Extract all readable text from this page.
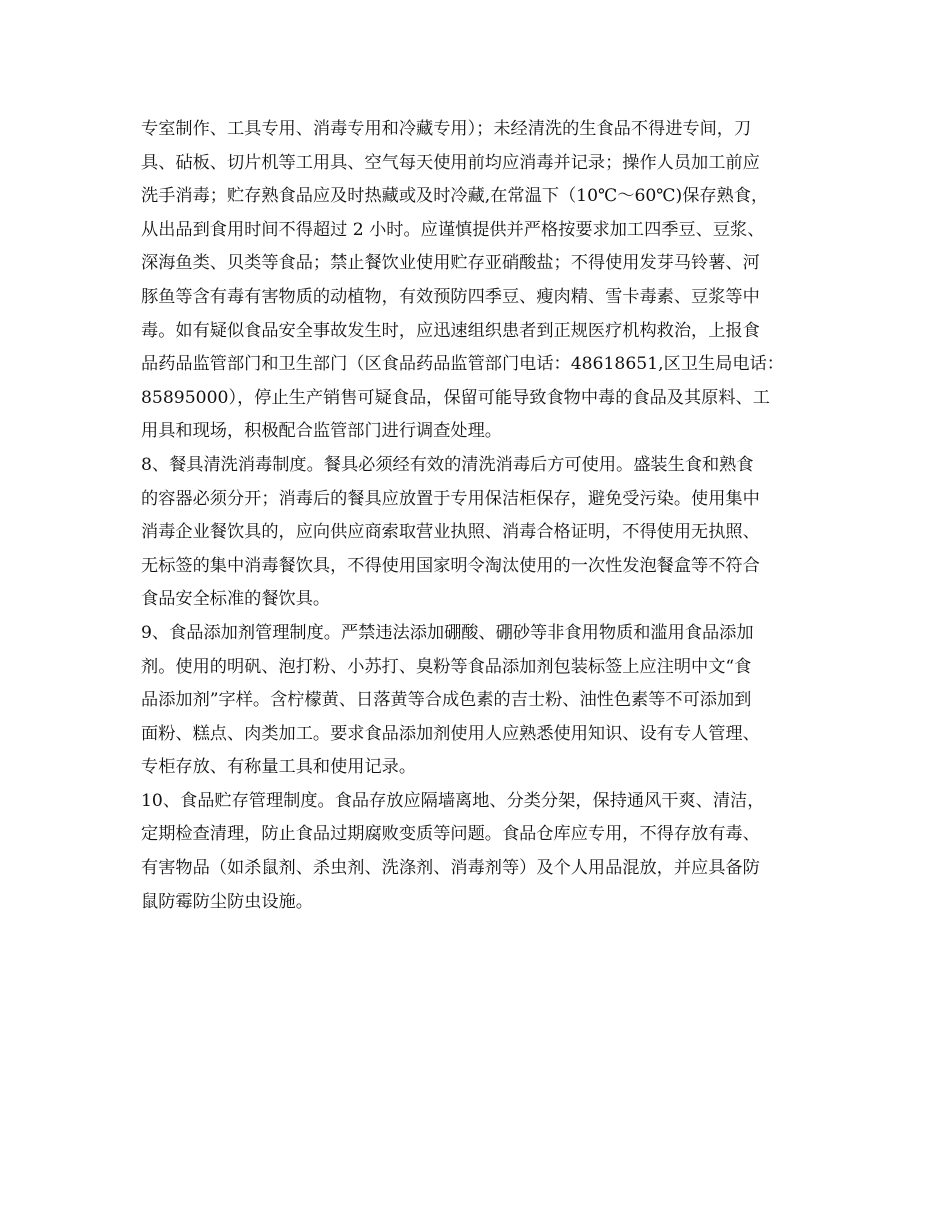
专室制作、工具专用、消毒专用和冷藏专用）；未经清洗的生食品不得进专间，刀
具、砧板、切片机等工用具、空气每天使用前均应消毒并记录；操作人员加工前应
洗手消毒；贮存熟食品应及时热藏或及时冷藏,在常温下（10℃～60℃)保存熟食，
从出品到食用时间不得超过 2 小时。应谨慎提供并严格按要求加工四季豆、豆浆、
深海鱼类、贝类等食品；禁止餐饮业使用贮存亚硝酸盐；不得使用发芽马铃薯、河
豚鱼等含有毒有害物质的动植物，有效预防四季豆、瘦肉精、雪卡毒素、豆浆等中
毒。如有疑似食品安全事故发生时，应迅速组织患者到正规医疗机构救治，上报食
品药品监管部门和卫生部门（区食品药品监管部门电话：48618651,区卫生局电话：
85895000），停止生产销售可疑食品，保留可能导致食物中毒的食品及其原料、工
用具和现场，积极配合监管部门进行调查处理。
8、餐具清洗消毒制度。餐具必须经有效的清洗消毒后方可使用。盛装生食和熟食
的容器必须分开；消毒后的餐具应放置于专用保洁柜保存，避免受污染。使用集中
消毒企业餐饮具的，应向供应商索取营业执照、消毒合格证明，不得使用无执照、
无标签的集中消毒餐饮具，不得使用国家明令淘汰使用的一次性发泡餐盒等不符合
食品安全标准的餐饮具。
9、食品添加剂管理制度。严禁违法添加硼酸、硼砂等非食用物质和滥用食品添加
剂。使用的明矾、泡打粉、小苏打、臭粉等食品添加剂包装标签上应注明中文“食
品添加剂”字样。含柠檬黄、日落黄等合成色素的吉士粉、油性色素等不可添加到
面粉、糕点、肉类加工。要求食品添加剂使用人应熟悉使用知识、设有专人管理、
专柜存放、有称量工具和使用记录。
10、食品贮存管理制度。食品存放应隔墙离地、分类分架，保持通风干爽、清洁，
定期检查清理，防止食品过期腐败变质等问题。食品仓库应专用，不得存放有毒、
有害物品（如杀鼠剂、杀虫剂、洗涤剂、消毒剂等）及个人用品混放，并应具备防
鼠防霉防尘防虫设施。
